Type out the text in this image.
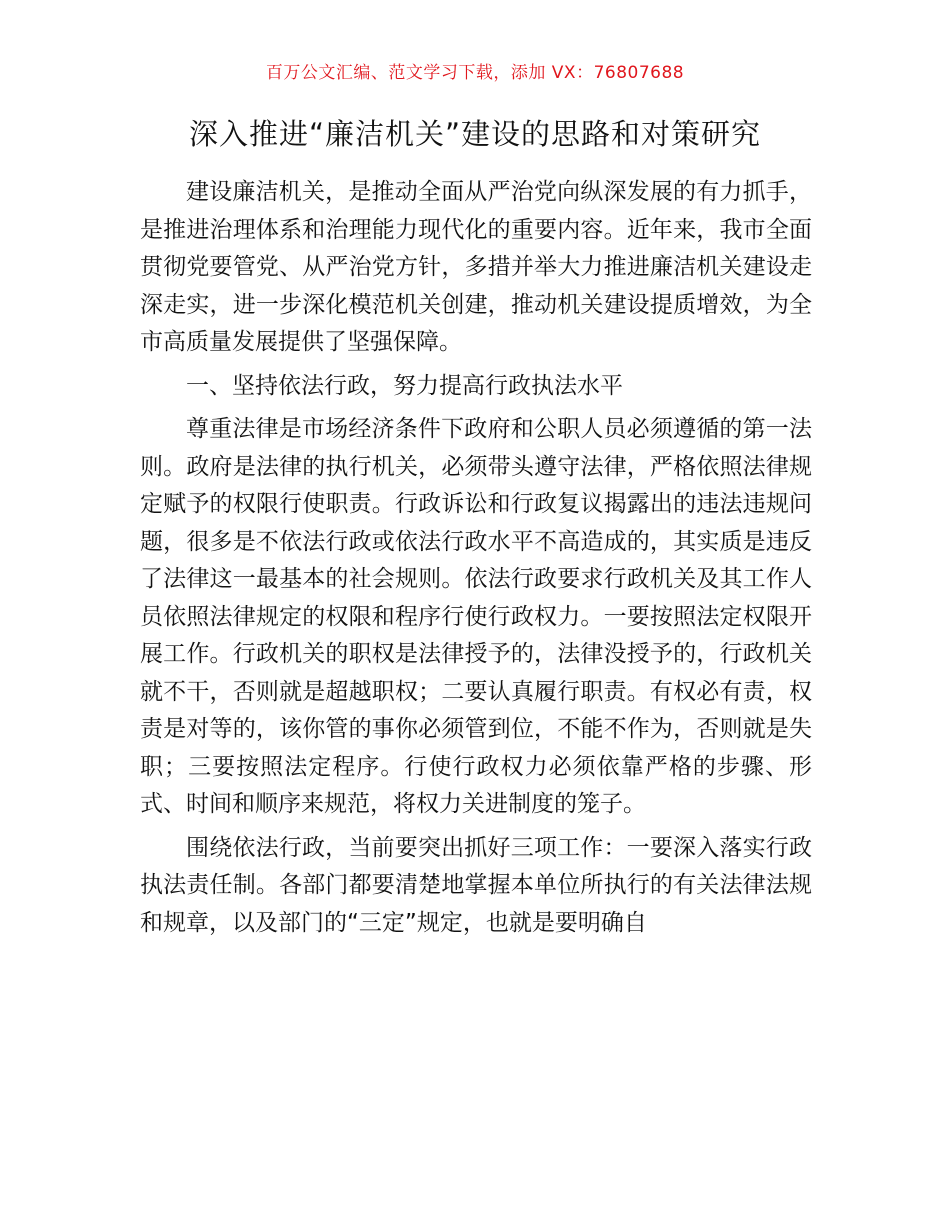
百万公文汇编、范文学习下载，添加 VX：76807688
深入推进“廉洁机关”建设的思路和对策研究

建设廉洁机关，是推动全面从严治党向纵深发展的有力抓手，是推进治理体系和治理能力现代化的重要内容。近年来，我市全面贯彻党要管党、从严治党方针，多措并举大力推进廉洁机关建设走深走实，进一步深化模范机关创建，推动机关建设提质增效，为全市高质量发展提供了坚强保障。

一、坚持依法行政，努力提高行政执法水平

尊重法律是市场经济条件下政府和公职人员必须遵循的第一法则。政府是法律的执行机关，必须带头遵守法律，严格依照法律规定赋予的权限行使职责。行政诉讼和行政复议揭露出的违法违规问题，很多是不依法行政或依法行政水平不高造成的，其实质是违反了法律这一最基本的社会规则。依法行政要求行政机关及其工作人员依照法律规定的权限和程序行使行政权力。一要按照法定权限开展工作。行政机关的职权是法律授予的，法律没授予的，行政机关就不干，否则就是超越职权；二要认真履行职责。有权必有责，权责是对等的，该你管的事你必须管到位，不能不作为，否则就是失职；三要按照法定程序。行使行政权力必须依靠严格的步骤、形式、时间和顺序来规范，将权力关进制度的笼子。

围绕依法行政，当前要突出抓好三项工作：一要深入落实行政执法责任制。各部门都要清楚地掌握本单位所执行的有关法律法规和规章，以及部门的“三定”规定，也就是要明确自
